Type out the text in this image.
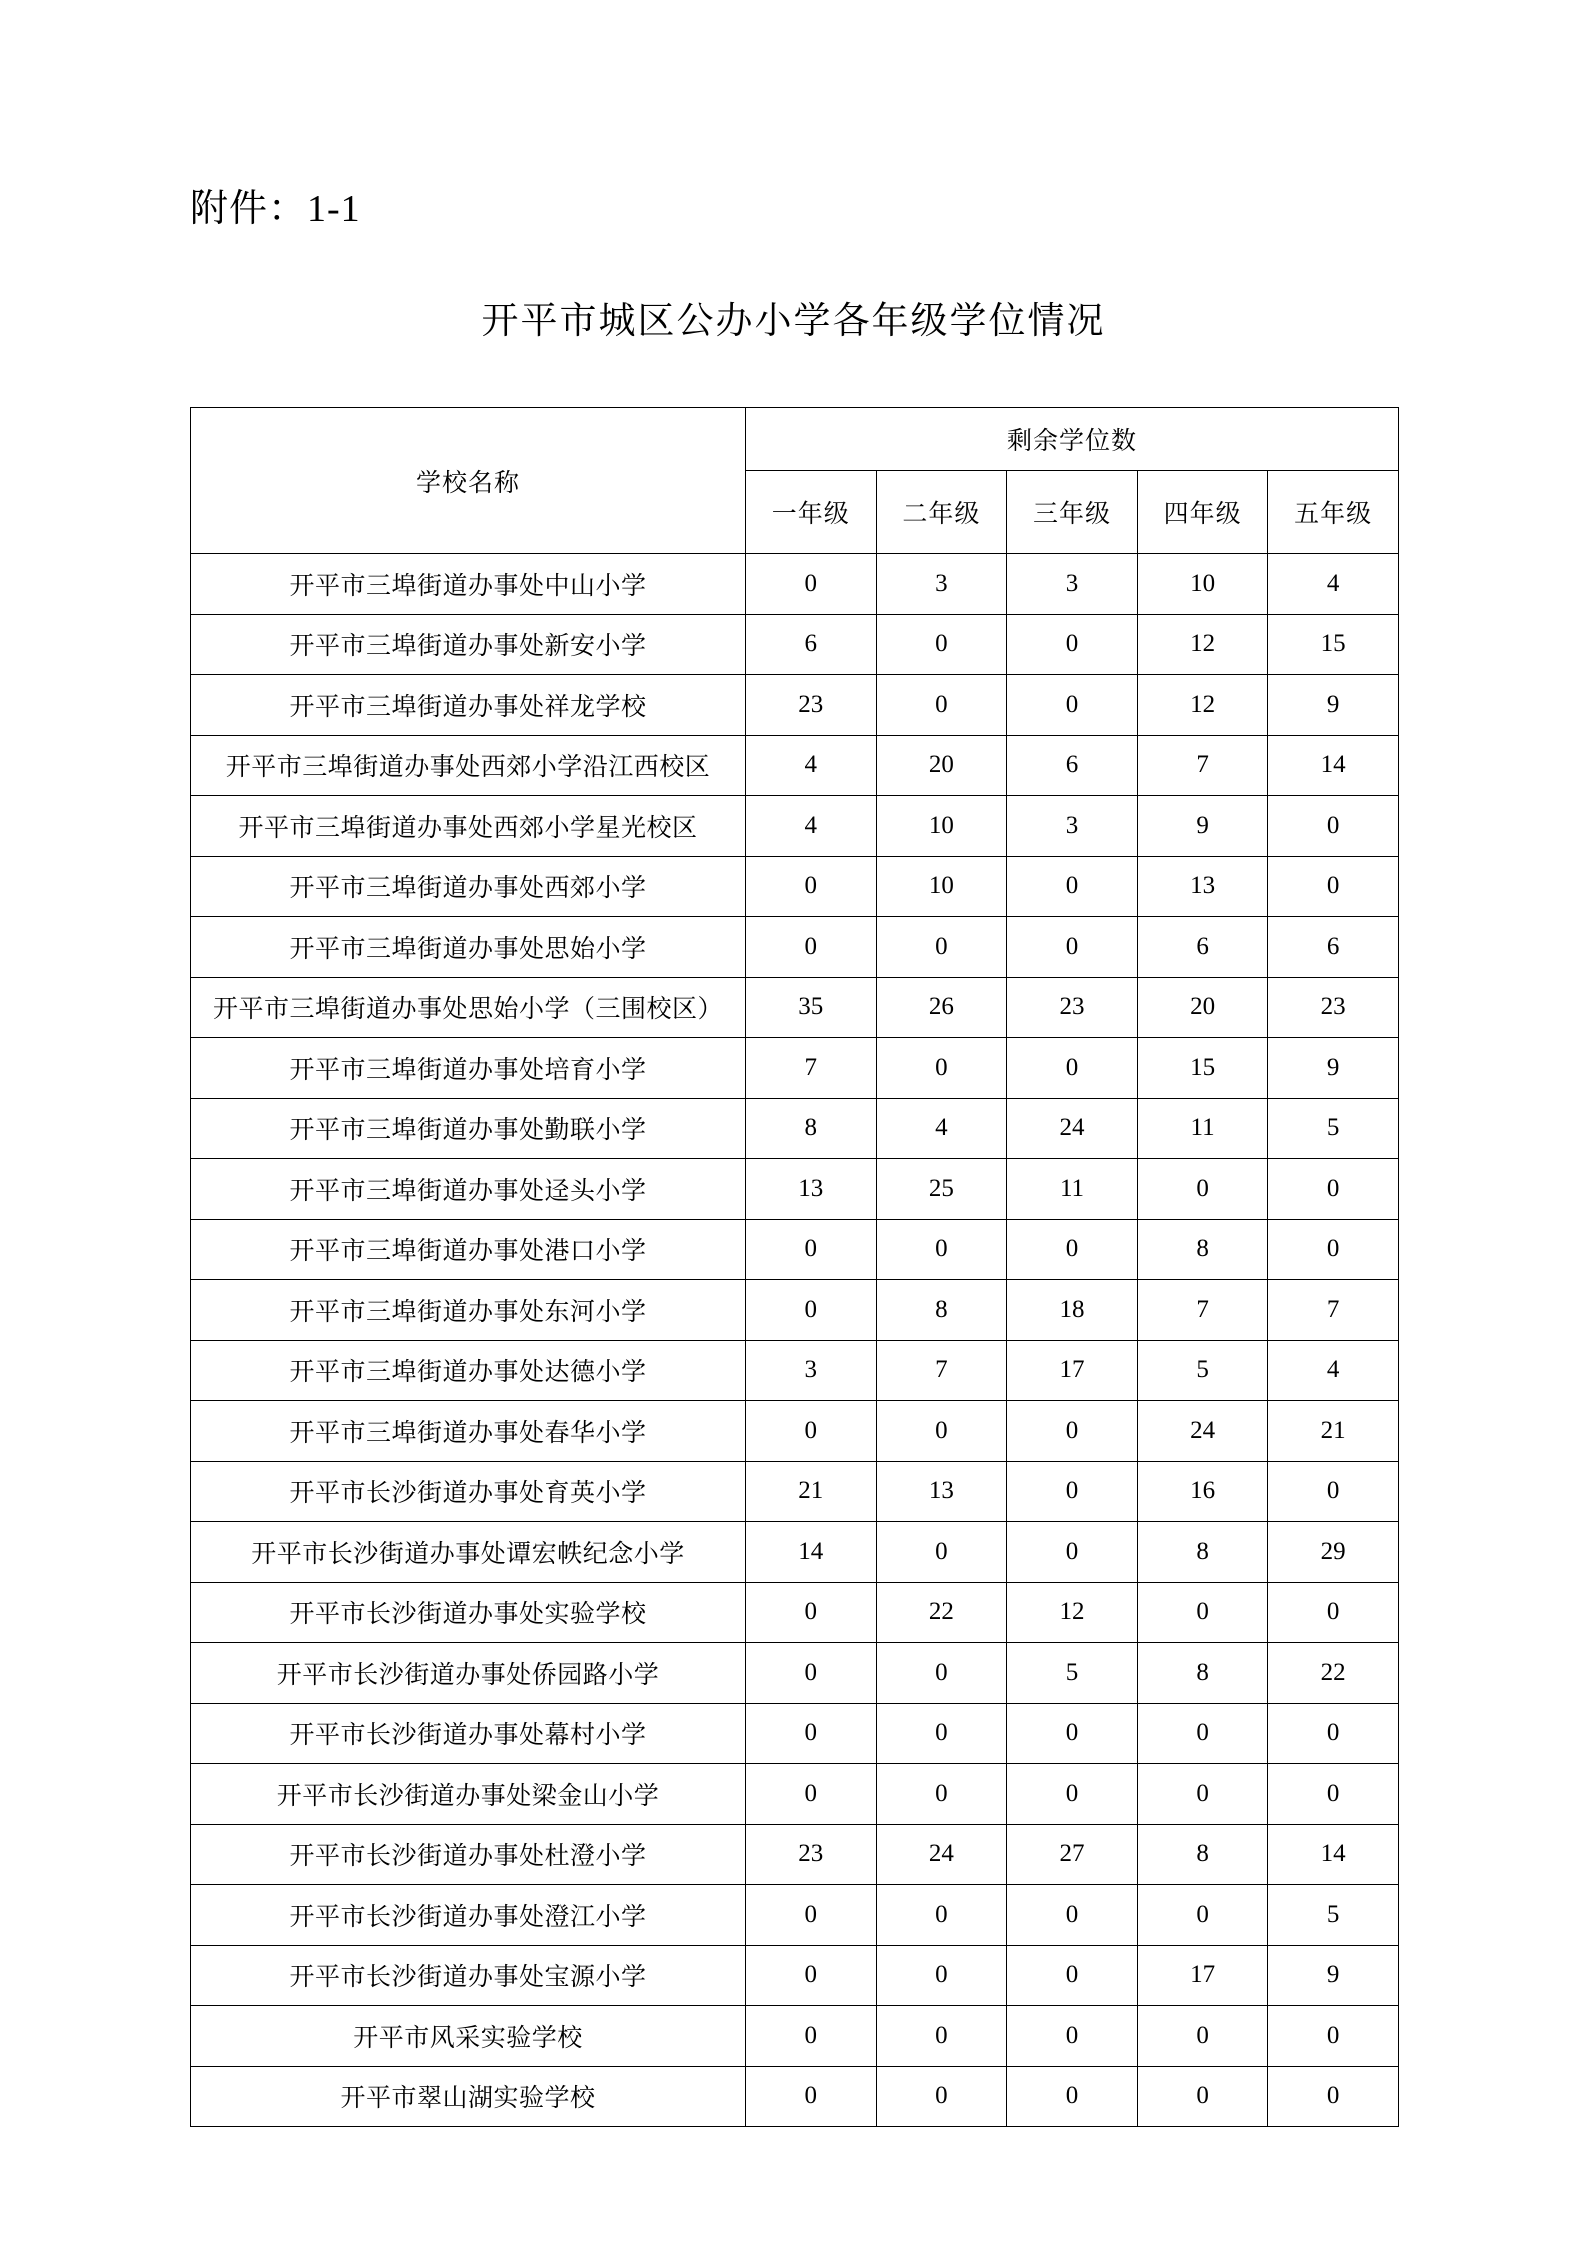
附件：1-1
开平市城区公办小学各年级学位情况
学校名称	剩余学位数				
	一年级	二年级	三年级	四年级	五年级
开平市三埠街道办事处中山小学	0	3	3	10	4
开平市三埠街道办事处新安小学	6	0	0	12	15
开平市三埠街道办事处祥龙学校	23	0	0	12	9
开平市三埠街道办事处西郊小学沿江西校区	4	20	6	7	14
开平市三埠街道办事处西郊小学星光校区	4	10	3	9	0
开平市三埠街道办事处西郊小学	0	10	0	13	0
开平市三埠街道办事处思始小学	0	0	0	6	6
开平市三埠街道办事处思始小学（三围校区）	35	26	23	20	23
开平市三埠街道办事处培育小学	7	0	0	15	9
开平市三埠街道办事处勤联小学	8	4	24	11	5
开平市三埠街道办事处迳头小学	13	25	11	0	0
开平市三埠街道办事处港口小学	0	0	0	8	0
开平市三埠街道办事处东河小学	0	8	18	7	7
开平市三埠街道办事处达德小学	3	7	17	5	4
开平市三埠街道办事处春华小学	0	0	0	24	21
开平市长沙街道办事处育英小学	21	13	0	16	0
开平市长沙街道办事处谭宏帙纪念小学	14	0	0	8	29
开平市长沙街道办事处实验学校	0	22	12	0	0
开平市长沙街道办事处侨园路小学	0	0	5	8	22
开平市长沙街道办事处幕村小学	0	0	0	0	0
开平市长沙街道办事处梁金山小学	0	0	0	0	0
开平市长沙街道办事处杜澄小学	23	24	27	8	14
开平市长沙街道办事处澄江小学	0	0	0	0	5
开平市长沙街道办事处宝源小学	0	0	0	17	9
开平市风采实验学校	0	0	0	0	0
开平市翠山湖实验学校	0	0	0	0	0
